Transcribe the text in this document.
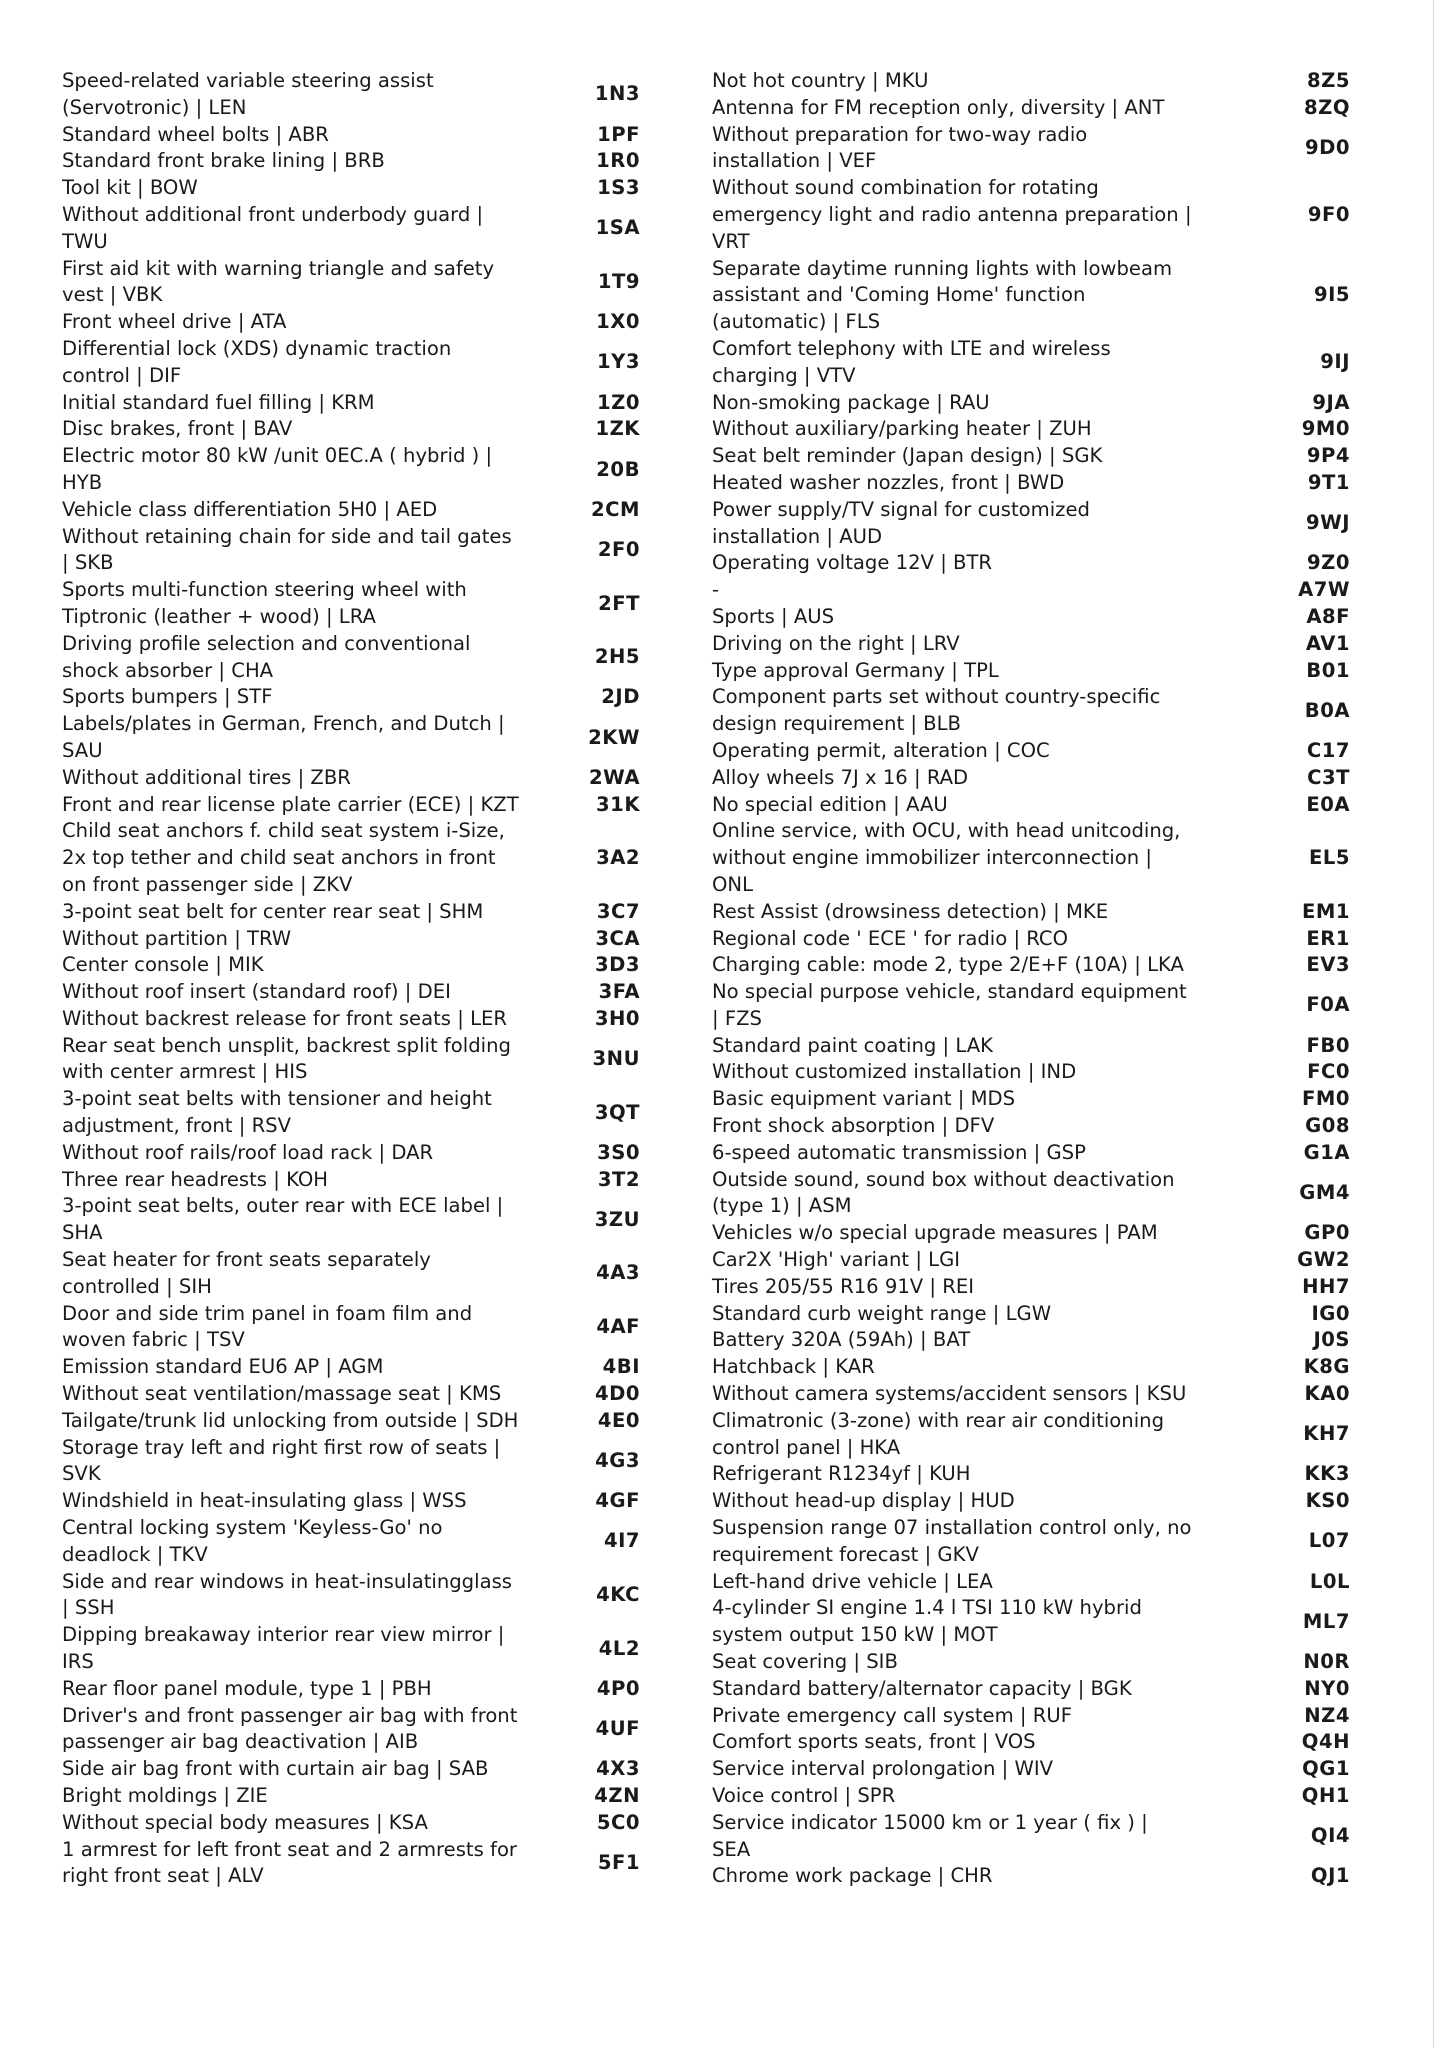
Speed-related variable steering assist (Servotronic) | LEN
1N3
Standard wheel bolts | ABR	1PF
Standard front brake lining | BRB	1R0
Tool kit | BOW	1S3
Without additional front underbody guard | TWU
1SA
First aid kit with warning triangle and safety vest | VBK
1T9
Front wheel drive | ATA	1X0
Differential lock (XDS) dynamic traction control | DIF
1Y3
Initial standard fuel filling | KRM	1Z0
Disc brakes, front | BAV	1ZK
Electric motor 80 kW /unit 0EC.A ( hybrid ) | HYB
20B
Vehicle class differentiation 5H0 | AED	2CM
Without retaining chain for side and tail gates | SKB
2F0
Sports multi-function steering wheel with Tiptronic (leather + wood) | LRA
2FT
Driving profile selection and conventional shock absorber | CHA
2H5
Sports bumpers | STF	2JD
Labels/plates in German, French, and Dutch | SAU
2KW
Without additional tires | ZBR	2WA
Front and rear license plate carrier (ECE) | KZT	31K
Child seat anchors f. child seat system i-Size, 2x top tether and child seat anchors in front on front passenger side | ZKV
3A2
3-point seat belt for center rear seat | SHM	3C7
Without partition | TRW	3CA
Center console | MIK	3D3
Without roof insert (standard roof) | DEI	3FA
Without backrest release for front seats | LER	3H0
Rear seat bench unsplit, backrest split folding with center armrest | HIS
3NU
3-point seat belts with tensioner and height adjustment, front | RSV
3QT
Without roof rails/roof load rack | DAR	3S0
Three rear headrests | KOH	3T2
3-point seat belts, outer rear with ECE label | SHA
3ZU
Seat heater for front seats separately controlled | SIH
4A3
Door and side trim panel in foam film and woven fabric | TSV
4AF
Emission standard EU6 AP | AGM	4BI
Without seat ventilation/massage seat | KMS	4D0
Tailgate/trunk lid unlocking from outside | SDH	4E0
Storage tray left and right first row of seats | SVK
4G3
Windshield in heat-insulating glass | WSS	4GF
Central locking system 'Keyless-Go' no deadlock | TKV
4I7
Side and rear windows in heat-insulatingglass | SSH
4KC
Dipping breakaway interior rear view mirror | IRS
4L2
Rear floor panel module, type 1 | PBH	4P0
Driver's and front passenger air bag with front passenger air bag deactivation | AIB
4UF
Side air bag front with curtain air bag | SAB	4X3
Bright moldings | ZIE	4ZN
Without special body measures | KSA	5C0
1 armrest for left front seat and 2 armrests for right front seat | ALV
5F1
Not hot country | MKU	8Z5
Antenna for FM reception only, diversity | ANT	8ZQ
Without preparation for two-way radio installation | VEF
9D0
Without sound combination for rotating emergency light and radio antenna preparation | VRT
9F0
Separate daytime running lights with lowbeam assistant and 'Coming Home' function (automatic) | FLS
9I5
Comfort telephony with LTE and wireless charging | VTV
9IJ
Non-smoking package | RAU	9JA
Without auxiliary/parking heater | ZUH	9M0
Seat belt reminder (Japan design) | SGK	9P4
Heated washer nozzles, front | BWD	9T1
Power supply/TV signal for customized installation | AUD
9WJ
Operating voltage 12V | BTR	9Z0
-	A7W
Sports | AUS	A8F
Driving on the right | LRV	AV1
Type approval Germany | TPL	B01
Component parts set without country-specific design requirement | BLB
B0A
Operating permit, alteration | COC	C17
Alloy wheels 7J x 16 | RAD	C3T
No special edition | AAU	E0A
Online service, with OCU, with head unitcoding, without engine immobilizer interconnection | ONL
EL5
Rest Assist (drowsiness detection) | MKE	EM1
Regional code ' ECE ' for radio | RCO	ER1
Charging cable: mode 2, type 2/E+F (10A) | LKA	EV3
No special purpose vehicle, standard equipment | FZS
F0A
Standard paint coating | LAK	FB0
Without customized installation | IND	FC0
Basic equipment variant | MDS	FM0
Front shock absorption | DFV	G08
6-speed automatic transmission | GSP	G1A
Outside sound, sound box without deactivation (type 1) | ASM
GM4
Vehicles w/o special upgrade measures | PAM	GP0
Car2X 'High' variant | LGI	GW2
Tires 205/55 R16 91V | REI	HH7
Standard curb weight range | LGW	IG0
Battery 320A (59Ah) | BAT	J0S
Hatchback | KAR	K8G
Without camera systems/accident sensors | KSU	KA0
Climatronic (3-zone) with rear air conditioning control panel | HKA
KH7
Refrigerant R1234yf | KUH	KK3
Without head-up display | HUD	KS0
Suspension range 07 installation control only, no requirement forecast | GKV
L07
Left-hand drive vehicle | LEA	L0L
4-cylinder SI engine 1.4 l TSI 110 kW hybrid system output 150 kW | MOT
ML7
Seat covering | SIB	N0R
Standard battery/alternator capacity | BGK	NY0
Private emergency call system | RUF	NZ4
Comfort sports seats, front | VOS	Q4H
Service interval prolongation | WIV	QG1
Voice control | SPR	QH1
Service indicator 15000 km or 1 year ( fix ) | SEA
QI4
Chrome work package | CHR	QJ1
